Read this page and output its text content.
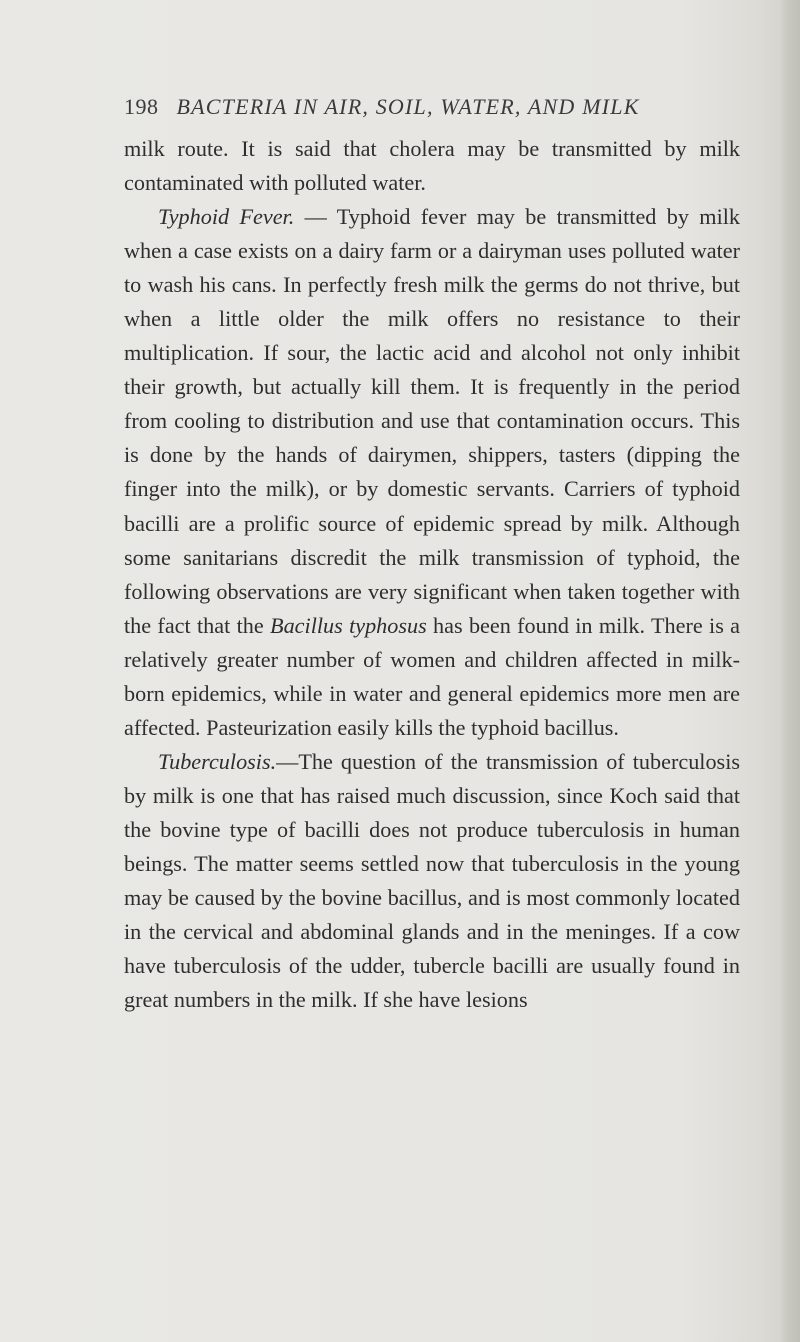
198 BACTERIA IN AIR, SOIL, WATER, AND MILK

milk route. It is said that cholera may be transmitted by milk contaminated with polluted water.

Typhoid Fever. — Typhoid fever may be transmitted by milk when a case exists on a dairy farm or a dairyman uses polluted water to wash his cans. In perfectly fresh milk the germs do not thrive, but when a little older the milk offers no resistance to their multiplication. If sour, the lactic acid and alcohol not only inhibit their growth, but actually kill them. It is frequently in the period from cooling to distribution and use that contamination occurs. This is done by the hands of dairymen, shippers, tasters (dipping the finger into the milk), or by domestic servants. Carriers of typhoid bacilli are a prolific source of epidemic spread by milk. Although some sanitarians discredit the milk transmission of typhoid, the following observations are very significant when taken together with the fact that the Bacillus typhosus has been found in milk. There is a relatively greater number of women and children affected in milk-born epidemics, while in water and general epidemics more men are affected. Pasteurization easily kills the typhoid bacillus.

Tuberculosis.—The question of the transmission of tuberculosis by milk is one that has raised much discussion, since Koch said that the bovine type of bacilli does not produce tuberculosis in human beings. The matter seems settled now that tuberculosis in the young may be caused by the bovine bacillus, and is most commonly located in the cervical and abdominal glands and in the meninges. If a cow have tuberculosis of the udder, tubercle bacilli are usually found in great numbers in the milk. If she have lesions
